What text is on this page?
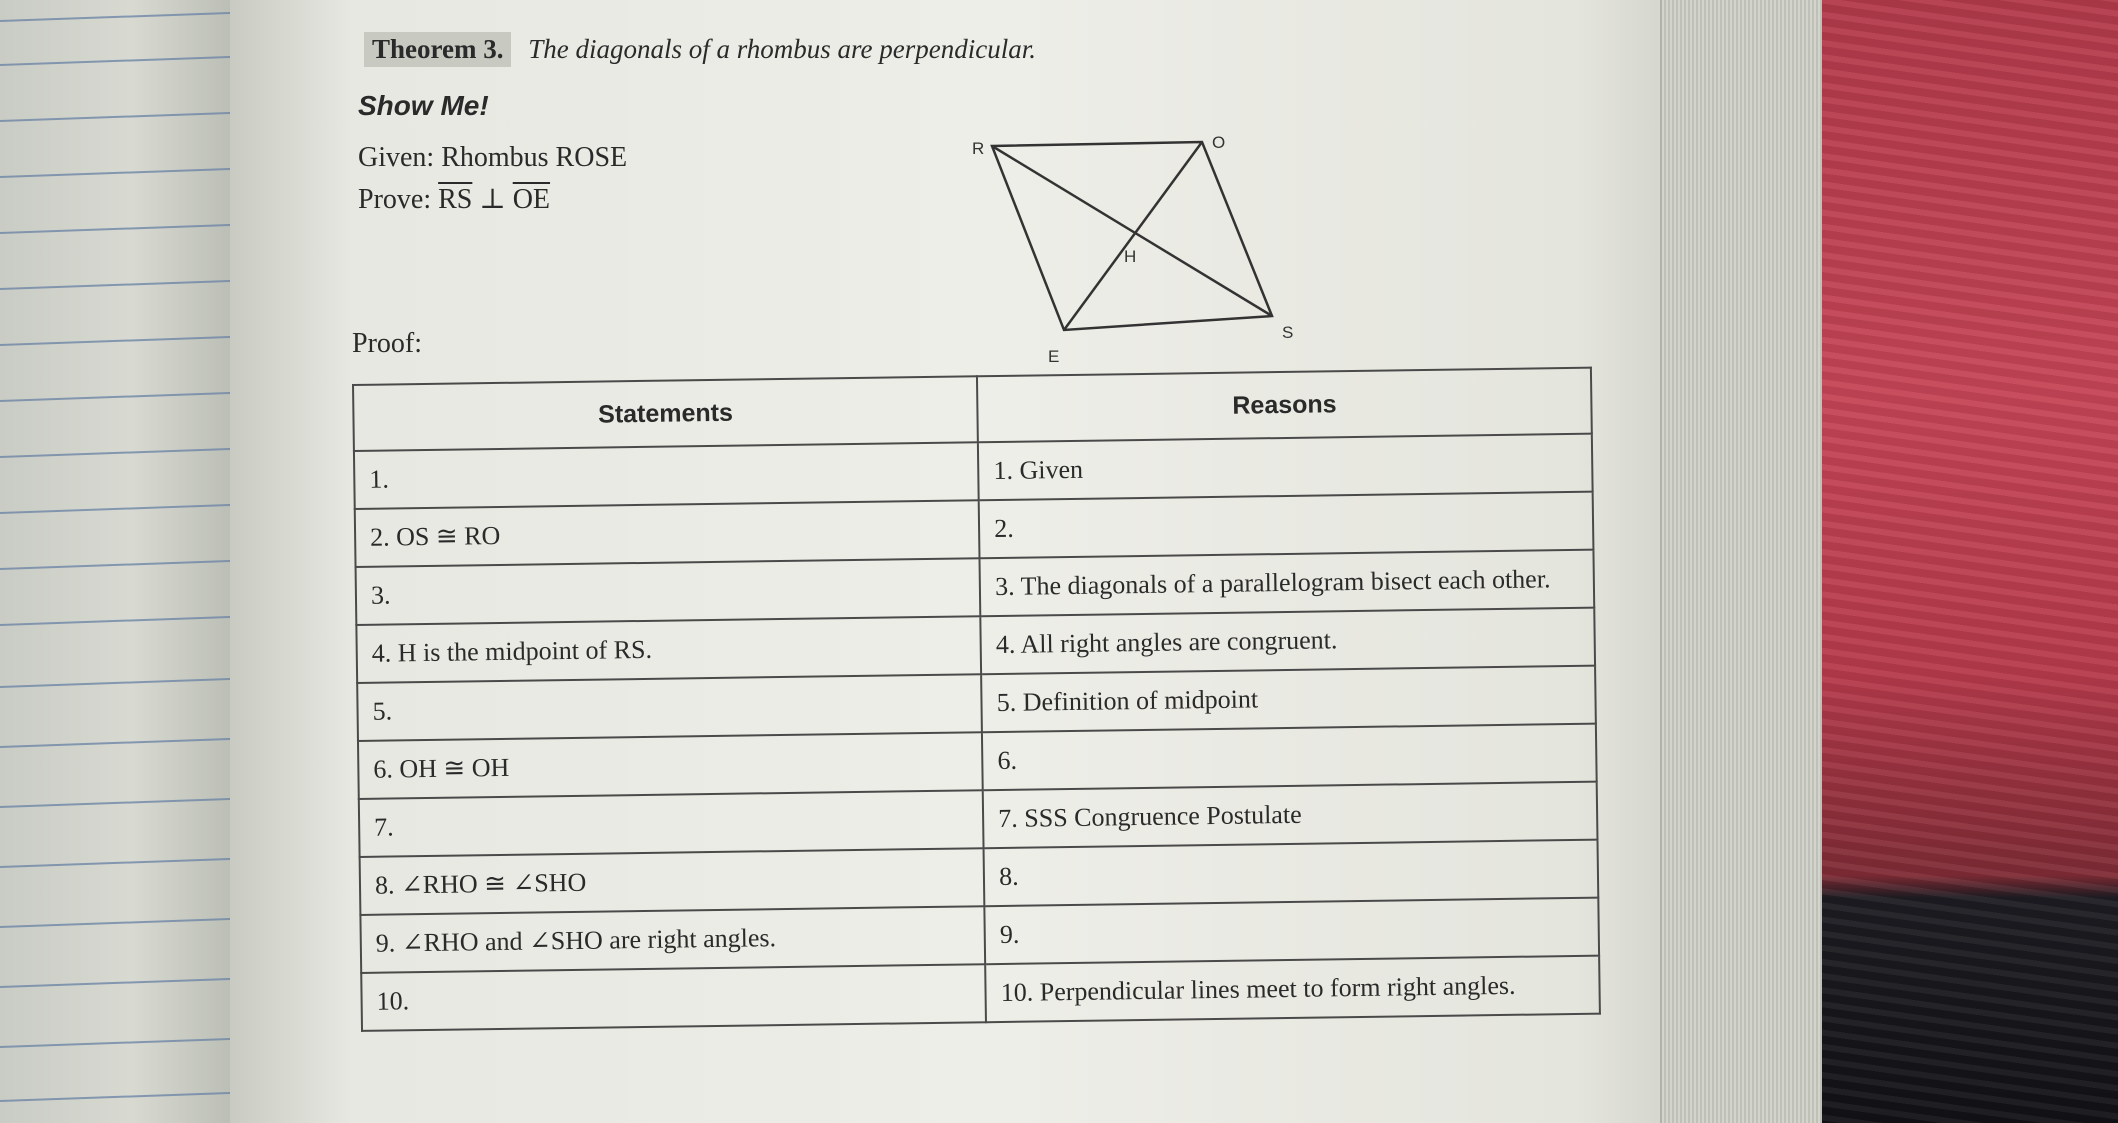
Theorem 3. The diagonals of a rhombus are perpendicular.
Show Me!
Given: Rhombus ROSE
Prove: $\overline{RS}$ ⊥ $\overline{OE}$
R	O
H
E
S
Proof:
Statements	Reasons
1.	1. Given
2. OS ≅ RO	2.
3.	3. The diagonals of a parallelogram bisect each other.
4. H is the midpoint of RS.	4. All right angles are congruent.
5.	5. Definition of midpoint
6. OH ≅ OH	6.
7.	7. SSS Congruence Postulate
8. ∠RHO ≅ ∠SHO	8.
9. ∠RHO and ∠SHO are right angles.	9.
10.	10. Perpendicular lines meet to form right angles.
